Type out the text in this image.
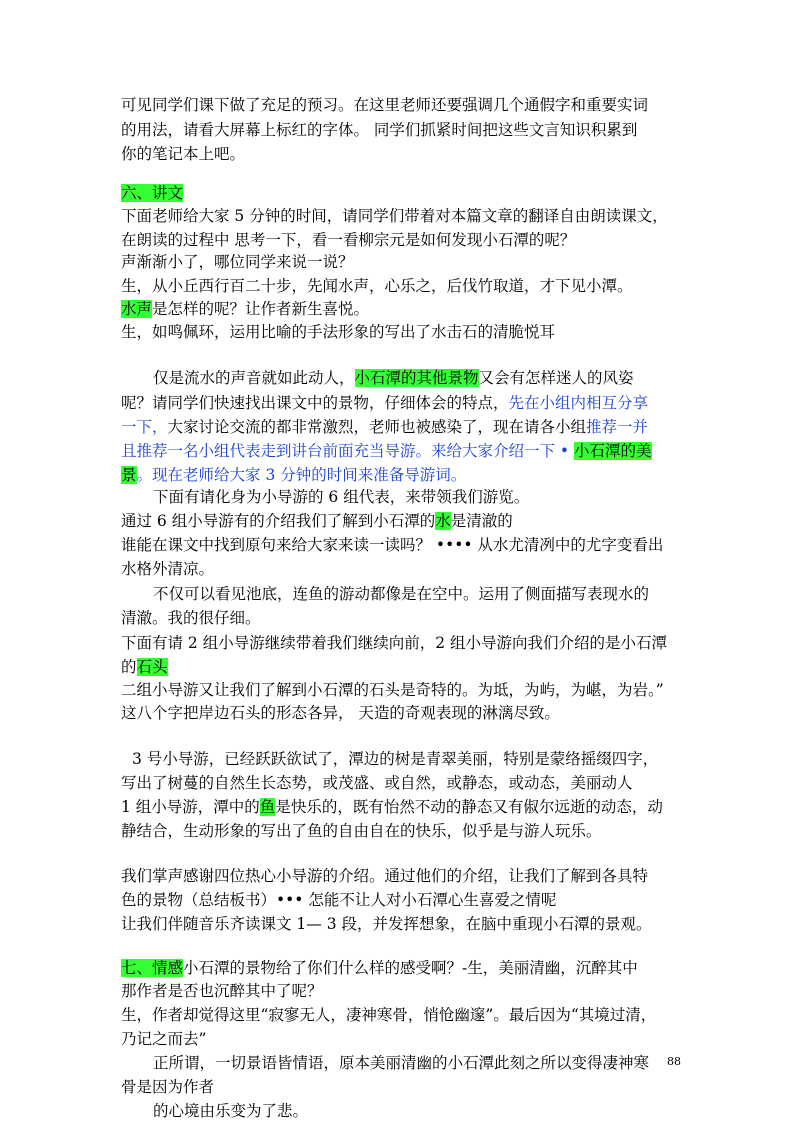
可见同学们课下做了充足的预习。在这里老师还要强调几个通假字和重要实词
的用法，请看大屏幕上标红的字体。 同学们抓紧时间把这些文言知识积累到
你的笔记本上吧。
六、讲文
下面老师给大家 5 分钟的时间，请同学们带着对本篇文章的翻译自由朗读课文，
在朗读的过程中 思考一下，看一看柳宗元是如何发现小石潭的呢？
声渐渐小了，哪位同学来说一说？
生，从小丘西行百二十步，先闻水声，心乐之，后伐竹取道，才下见小潭。
水声是怎样的呢？让作者新生喜悦。
生，如鸣佩环，运用比喻的手法形象的写出了水击石的清脆悦耳
仅是流水的声音就如此动人，小石潭的其他景物又会有怎样迷人的风姿
呢？请同学们快速找出课文中的景物，仔细体会的特点，先在小组内相互分享
一下，大家讨论交流的都非常激烈，老师也被感染了，现在请各小组推荐一并
且推荐一名小组代表走到讲台前面充当导游。来给大家介绍一下 • 小石潭的美
景。现在老师给大家 3 分钟的时间来准备导游词。
下面有请化身为小导游的 6 组代表，来带领我们游览。
通过 6 组小导游有的介绍我们了解到小石潭的水是清澈的
谁能在课文中找到原句来给大家来读一读吗？ •••• 从水尤清冽中的尤字变看出
水格外清凉。
不仅可以看见池底，连鱼的游动都像是在空中。运用了侧面描写表现水的
清澈。我的很仔细。
下面有请 2 组小导游继续带着我们继续向前，2 组小导游向我们介绍的是小石潭
的石头
二组小导游又让我们了解到小石潭的石头是奇特的。为坻，为屿，为嵁，为岩。”
这八个字把岸边石头的形态各异， 天造的奇观表现的淋漓尽致。
3 号小导游，已经跃跃欲试了，潭边的树是青翠美丽，特别是蒙络摇缀四字，
写出了树蔓的自然生长态势，或茂盛、或自然，或静态，或动态，美丽动人
1 组小导游，潭中的鱼是快乐的，既有怡然不动的静态又有俶尔远逝的动态，动
静结合，生动形象的写出了鱼的自由自在的快乐，似乎是与游人玩乐。
我们掌声感谢四位热心小导游的介绍。通过他们的介绍，让我们了解到各具特
色的景物（总结板书）••• 怎能不让人对小石潭心生喜爱之情呢
让我们伴随音乐齐读课文 1— 3 段，并发挥想象，在脑中重现小石潭的景观。
七、情感小石潭的景物给了你们什么样的感受啊？-生，美丽清幽，沉醉其中
那作者是否也沉醉其中了呢？
生，作者却觉得这里“寂寥无人，凄神寒骨，悄怆幽邃”。最后因为“其境过清，
乃记之而去”
正所谓，一切景语皆情语，原本美丽清幽的小石潭此刻之所以变得凄神寒
骨是因为作者
的心境由乐变为了悲。
88
